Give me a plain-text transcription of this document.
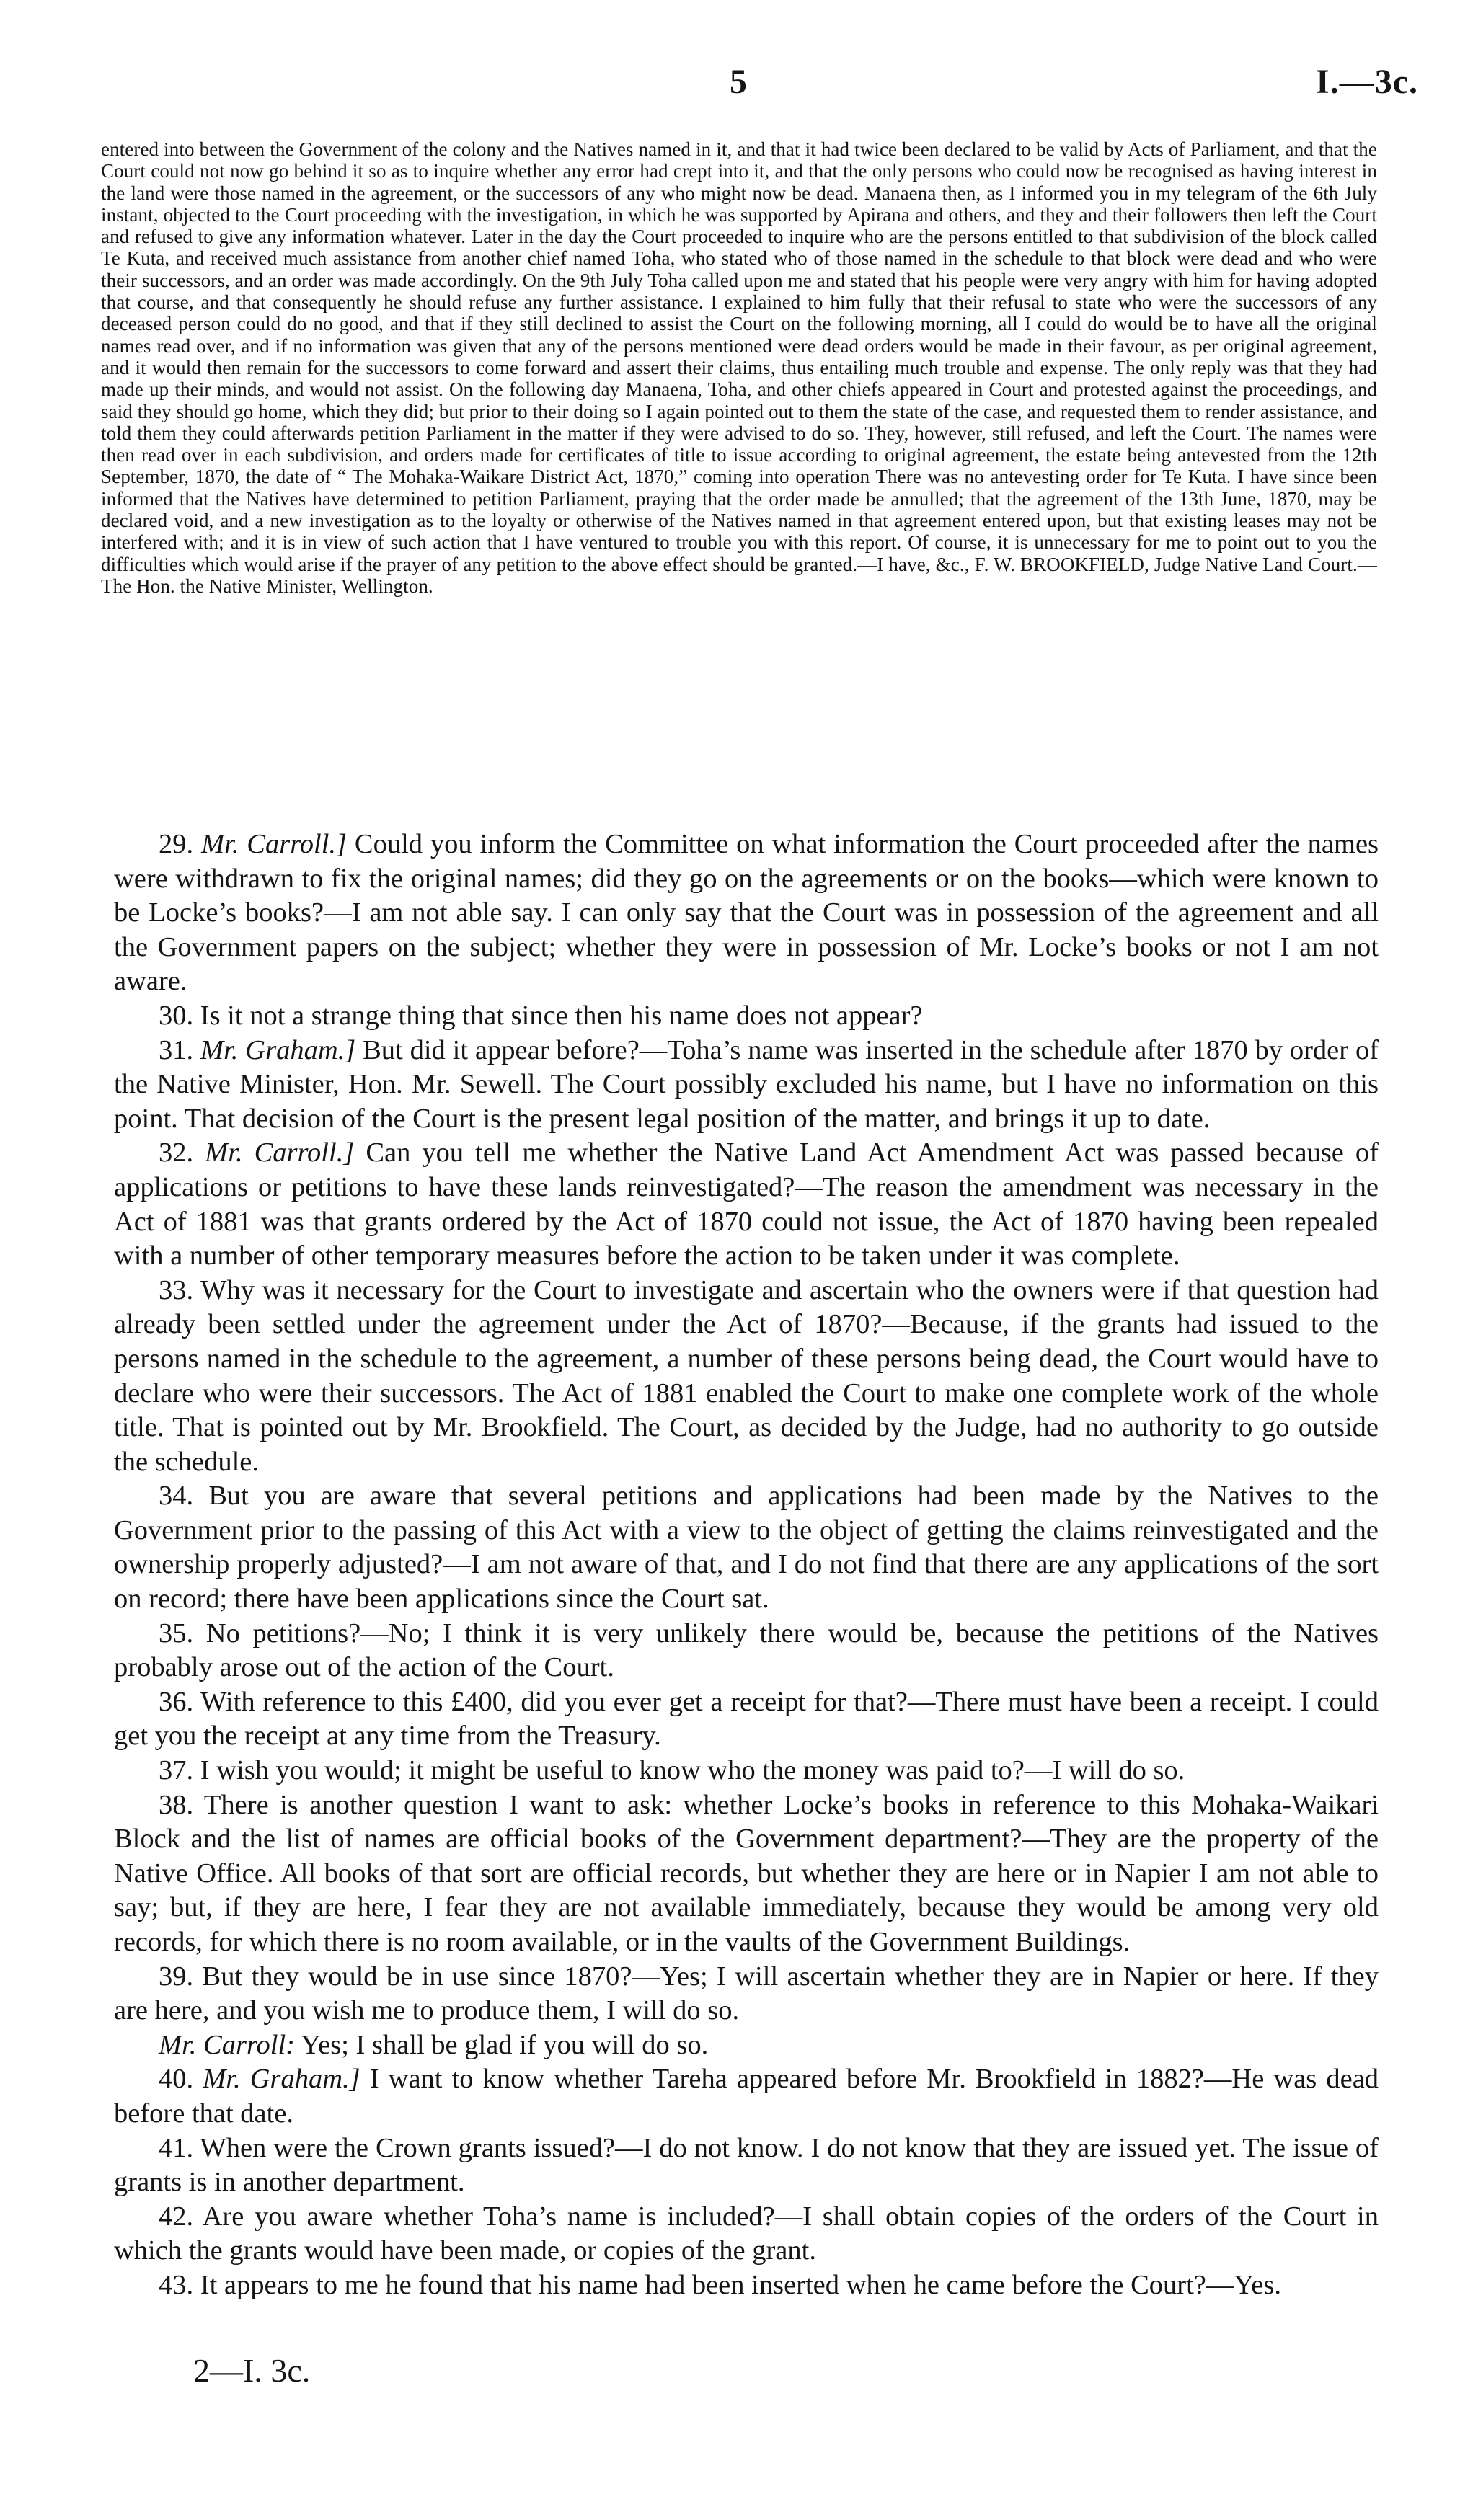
5	I.—3c.
entered into between the Government of the colony and the Natives named in it, and that it had twice been declared to be valid by Acts of Parliament, and that the Court could not now go behind it so as to inquire whether any error had crept into it, and that the only persons who could now be recognised as having interest in the land were those named in the agreement, or the successors of any who might now be dead. Manaena then, as I informed you in my telegram of the 6th July instant, objected to the Court proceeding with the investigation, in which he was supported by Apirana and others, and they and their followers then left the Court and refused to give any information whatever. Later in the day the Court proceeded to inquire who are the persons entitled to that subdivision of the block called Te Kuta, and received much assistance from another chief named Toha, who stated who of those named in the schedule to that block were dead and who were their successors, and an order was made accordingly. On the 9th July Toha called upon me and stated that his people were very angry with him for having adopted that course, and that consequently he should refuse any further assistance. I explained to him fully that their refusal to state who were the successors of any deceased person could do no good, and that if they still declined to assist the Court on the following morning, all I could do would be to have all the original names read over, and if no information was given that any of the persons mentioned were dead orders would be made in their favour, as per original agreement, and it would then remain for the successors to come forward and assert their claims, thus entailing much trouble and expense. The only reply was that they had made up their minds, and would not assist. On the following day Manaena, Toha, and other chiefs appeared in Court and protested against the proceedings, and said they should go home, which they did; but prior to their doing so I again pointed out to them the state of the case, and requested them to render assistance, and told them they could afterwards petition Parliament in the matter if they were advised to do so. They, however, still refused, and left the Court. The names were then read over in each subdivision, and orders made for certificates of title to issue according to original agreement, the estate being antevested from the 12th September, 1870, the date of “ The Mohaka-Waikare District Act, 1870,” coming into operation There was no antevesting order for Te Kuta. I have since been informed that the Natives have determined to petition Parliament, praying that the order made be annulled; that the agreement of the 13th June, 1870, may be declared void, and a new investigation as to the loyalty or otherwise of the Natives named in that agreement entered upon, but that existing leases may not be interfered with; and it is in view of such action that I have ventured to trouble you with this report. Of course, it is unnecessary for me to point out to you the difficulties which would arise if the prayer of any petition to the above effect should be granted.—I have, &c., F. W. BROOKFIELD, Judge Native Land Court.—The Hon. the Native Minister, Wellington.

29. Mr. Carroll.] Could you inform the Committee on what information the Court proceeded after the names were withdrawn to fix the original names; did they go on the agreements or on the books—which were known to be Locke’s books?—I am not able say. I can only say that the Court was in possession of the agreement and all the Government papers on the subject; whether they were in possession of Mr. Locke’s books or not I am not aware.

30. Is it not a strange thing that since then his name does not appear?

31. Mr. Graham.] But did it appear before?—Toha’s name was inserted in the schedule after 1870 by order of the Native Minister, Hon. Mr. Sewell. The Court possibly excluded his name, but I have no information on this point. That decision of the Court is the present legal position of the matter, and brings it up to date.

32. Mr. Carroll.] Can you tell me whether the Native Land Act Amendment Act was passed because of applications or petitions to have these lands reinvestigated?—The reason the amendment was necessary in the Act of 1881 was that grants ordered by the Act of 1870 could not issue, the Act of 1870 having been repealed with a number of other temporary measures before the action to be taken under it was complete.

33. Why was it necessary for the Court to investigate and ascertain who the owners were if that question had already been settled under the agreement under the Act of 1870?—Because, if the grants had issued to the persons named in the schedule to the agreement, a number of these persons being dead, the Court would have to declare who were their successors. The Act of 1881 enabled the Court to make one complete work of the whole title. That is pointed out by Mr. Brookfield. The Court, as decided by the Judge, had no authority to go outside the schedule.

34. But you are aware that several petitions and applications had been made by the Natives to the Government prior to the passing of this Act with a view to the object of getting the claims reinvestigated and the ownership properly adjusted?—I am not aware of that, and I do not find that there are any applications of the sort on record; there have been applications since the Court sat.

35. No petitions?—No; I think it is very unlikely there would be, because the petitions of the Natives probably arose out of the action of the Court.

36. With reference to this £400, did you ever get a receipt for that?—There must have been a receipt. I could get you the receipt at any time from the Treasury.

37. I wish you would; it might be useful to know who the money was paid to?—I will do so.

38. There is another question I want to ask: whether Locke’s books in reference to this Mohaka-Waikari Block and the list of names are official books of the Government department?—They are the property of the Native Office. All books of that sort are official records, but whether they are here or in Napier I am not able to say; but, if they are here, I fear they are not available immediately, because they would be among very old records, for which there is no room available, or in the vaults of the Government Buildings.

39. But they would be in use since 1870?—Yes; I will ascertain whether they are in Napier or here. If they are here, and you wish me to produce them, I will do so.

Mr. Carroll: Yes; I shall be glad if you will do so.

40. Mr. Graham.] I want to know whether Tareha appeared before Mr. Brookfield in 1882?—He was dead before that date.

41. When were the Crown grants issued?—I do not know. I do not know that they are issued yet. The issue of grants is in another department.

42. Are you aware whether Toha’s name is included?—I shall obtain copies of the orders of the Court in which the grants would have been made, or copies of the grant.

43. It appears to me he found that his name had been inserted when he came before the Court?—Yes.

2—I. 3c.
